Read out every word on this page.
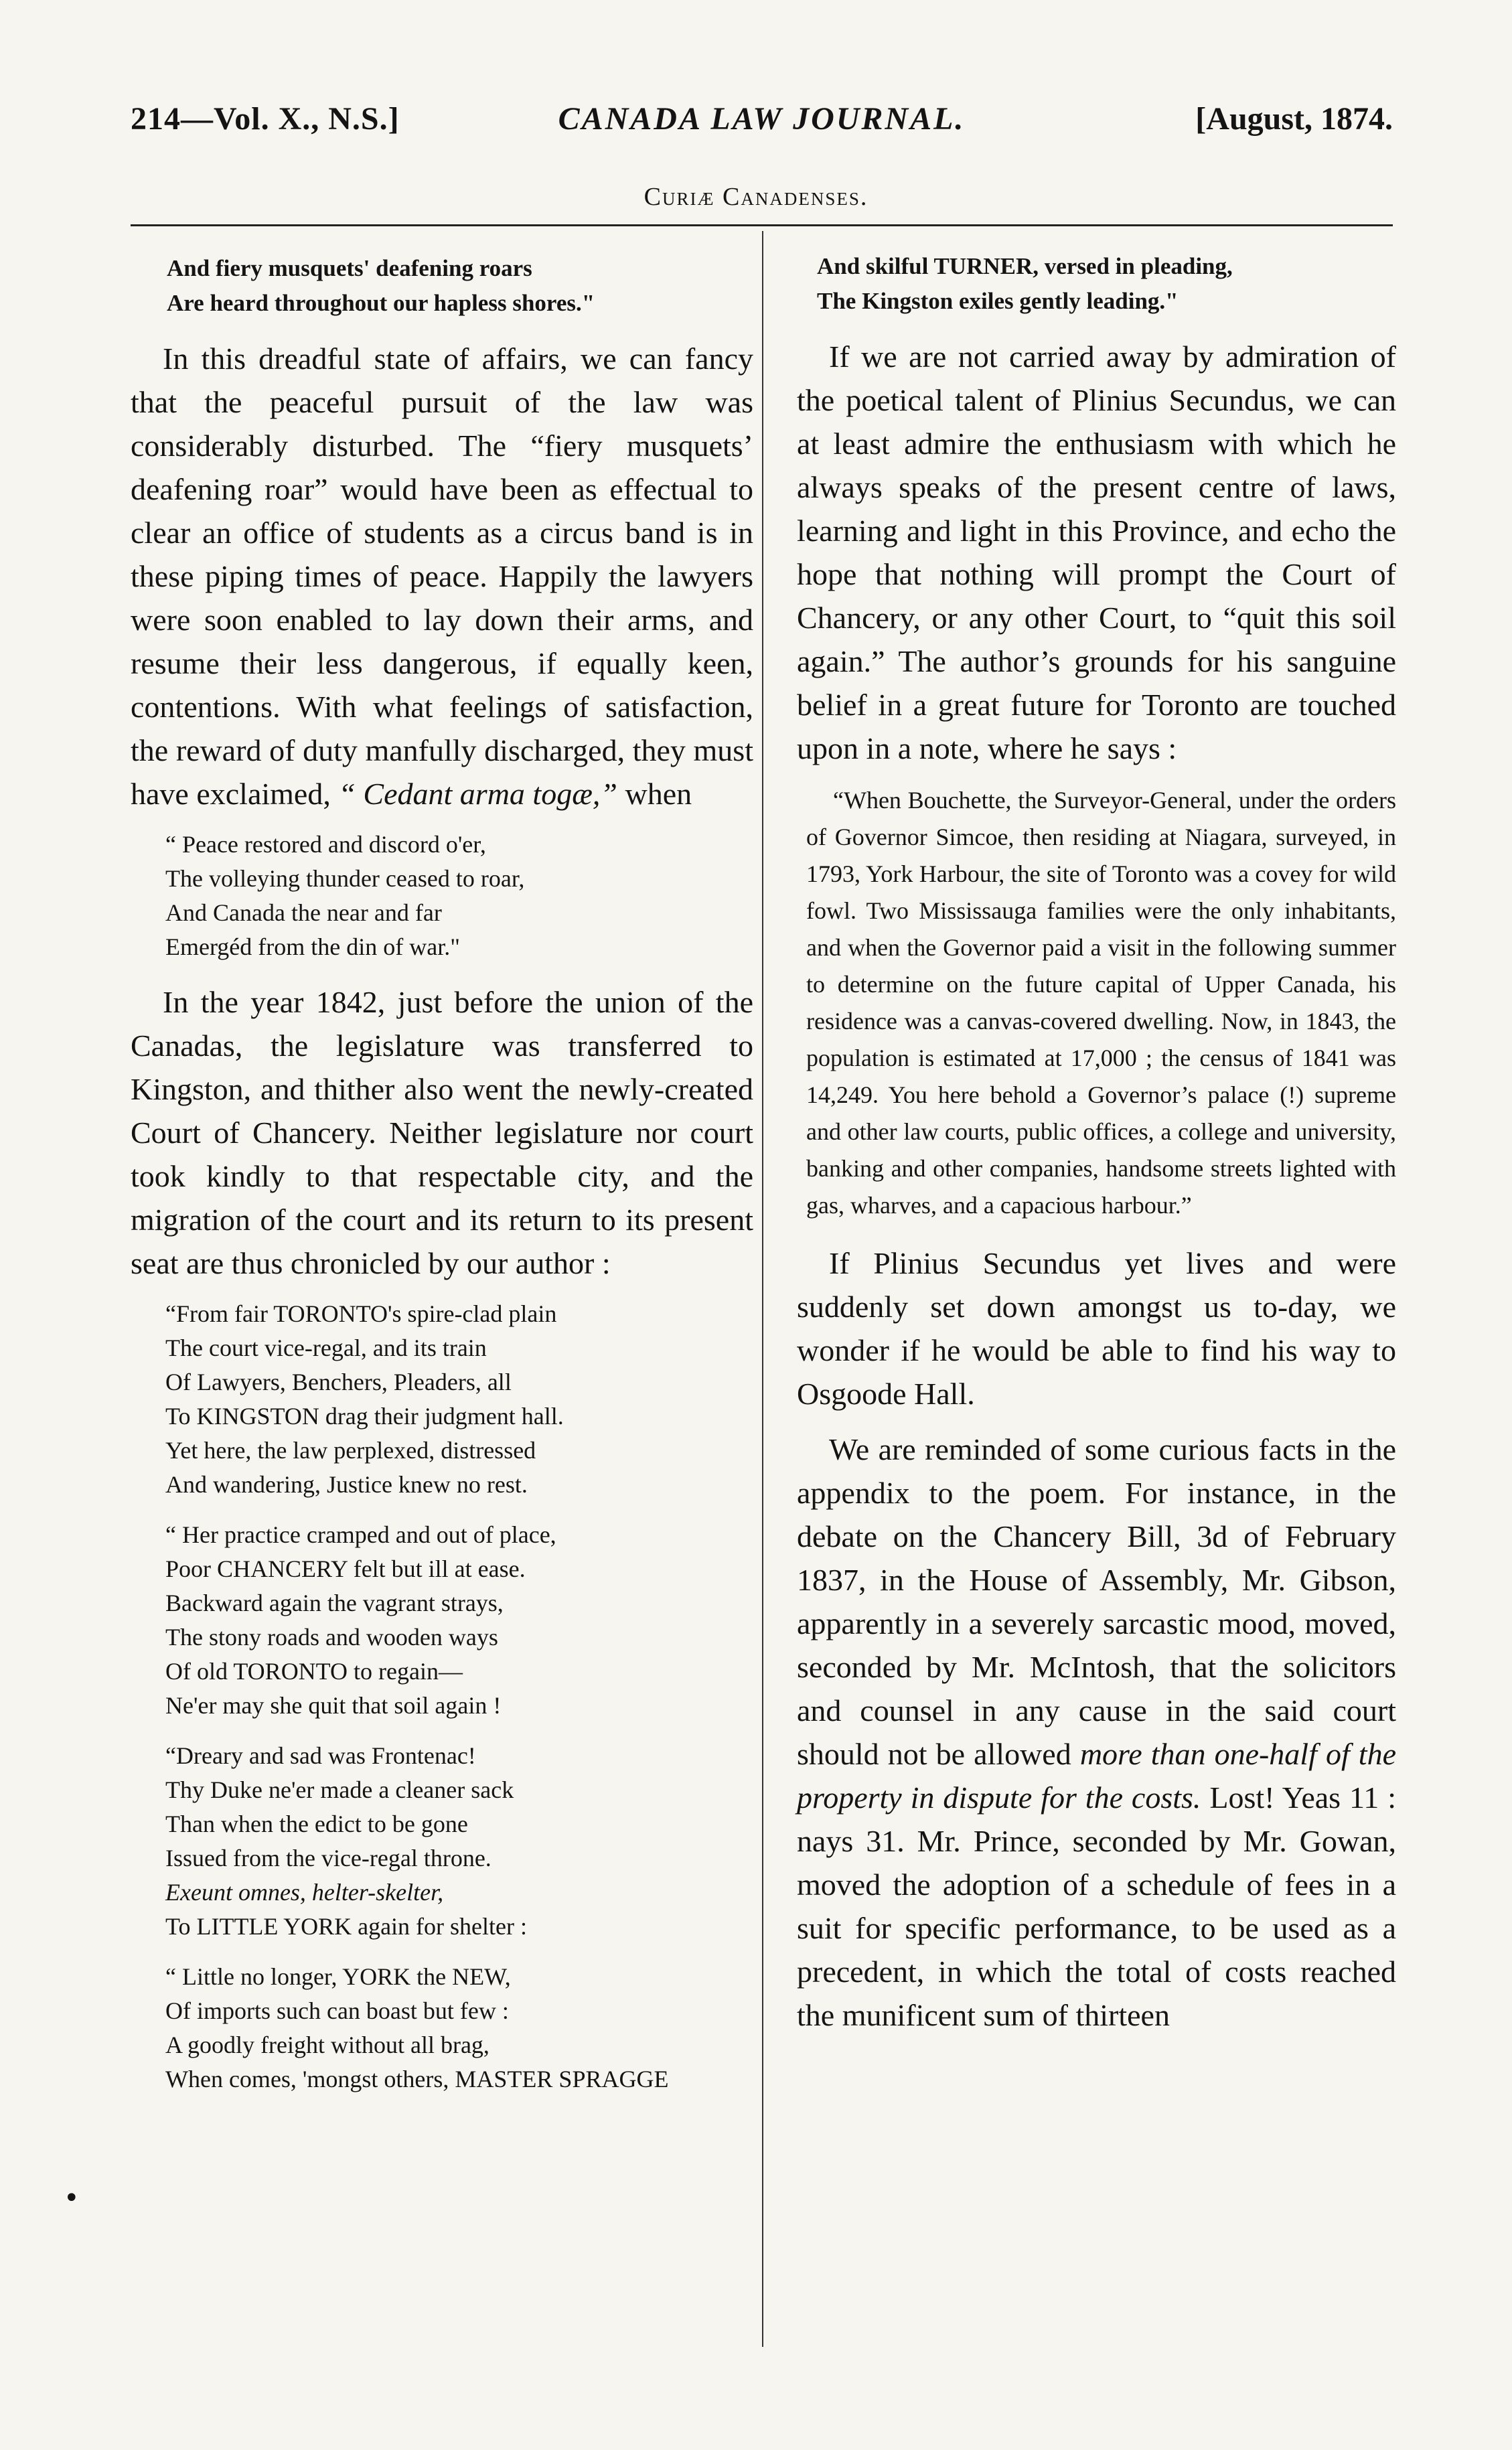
214—Vol. X., N.S.]	CANADA LAW JOURNAL.	[August, 1874.
Curiæ Canadenses.
And fiery musquets' deafening roars
Are heard throughout our hapless shores."

In this dreadful state of affairs, we can fancy that the peaceful pursuit of the law was considerably disturbed. The “fiery musquets’ deafening roar” would have been as effectual to clear an office of students as a circus band is in these piping times of peace. Happily the lawyers were soon enabled to lay down their arms, and resume their less dangerous, if equally keen, contentions. With what feelings of satisfaction, the reward of duty manfully discharged, they must have exclaimed, “ Cedant arma togæ,” when

“ Peace restored and discord o'er,
The volleying thunder ceased to roar,
And Canada the near and far
Emergéd from the din of war."

In the year 1842, just before the union of the Canadas, the legislature was transferred to Kingston, and thither also went the newly-created Court of Chancery. Neither legislature nor court took kindly to that respectable city, and the migration of the court and its return to its present seat are thus chronicled by our author :

“From fair TORONTO's spire-clad plain
The court vice-regal, and its train
Of Lawyers, Benchers, Pleaders, all
To KINGSTON drag their judgment hall.
Yet here, the law perplexed, distressed
And wandering, Justice knew no rest.
“ Her practice cramped and out of place,
Poor CHANCERY felt but ill at ease.
Backward again the vagrant strays,
The stony roads and wooden ways
Of old TORONTO to regain—
Ne'er may she quit that soil again !
“Dreary and sad was Frontenac!
Thy Duke ne'er made a cleaner sack
Than when the edict to be gone
Issued from the vice-regal throne.
Exeunt omnes, helter-skelter,
To LITTLE YORK again for shelter :
“ Little no longer, YORK the NEW,
Of imports such can boast but few :
A goodly freight without all brag,
When comes, 'mongst others, MASTER SPRAGGE
And skilful TURNER, versed in pleading,
The Kingston exiles gently leading."

If we are not carried away by admiration of the poetical talent of Plinius Secundus, we can at least admire the enthusiasm with which he always speaks of the present centre of laws, learning and light in this Province, and echo the hope that nothing will prompt the Court of Chancery, or any other Court, to “quit this soil again.” The author’s grounds for his sanguine belief in a great future for Toronto are touched upon in a note, where he says :

“When Bouchette, the Surveyor-General, under the orders of Governor Simcoe, then residing at Niagara, surveyed, in 1793, York Harbour, the site of Toronto was a covey for wild fowl. Two Mississauga families were the only inhabitants, and when the Governor paid a visit in the following summer to determine on the future capital of Upper Canada, his residence was a canvas-covered dwelling. Now, in 1843, the population is estimated at 17,000 ; the census of 1841 was 14,249. You here behold a Governor’s palace (!) supreme and other law courts, public offices, a college and university, banking and other companies, handsome streets lighted with gas, wharves, and a capacious harbour.”

If Plinius Secundus yet lives and were suddenly set down amongst us to-day, we wonder if he would be able to find his way to Osgoode Hall.

We are reminded of some curious facts in the appendix to the poem. For instance, in the debate on the Chancery Bill, 3d of February 1837, in the House of Assembly, Mr. Gibson, apparently in a severely sarcastic mood, moved, seconded by Mr. McIntosh, that the solicitors and counsel in any cause in the said court should not be allowed more than one-half of the property in dispute for the costs. Lost! Yeas 11 : nays 31. Mr. Prince, seconded by Mr. Gowan, moved the adoption of a schedule of fees in a suit for specific performance, to be used as a precedent, in which the total of costs reached the munificent sum of thirteen

•
